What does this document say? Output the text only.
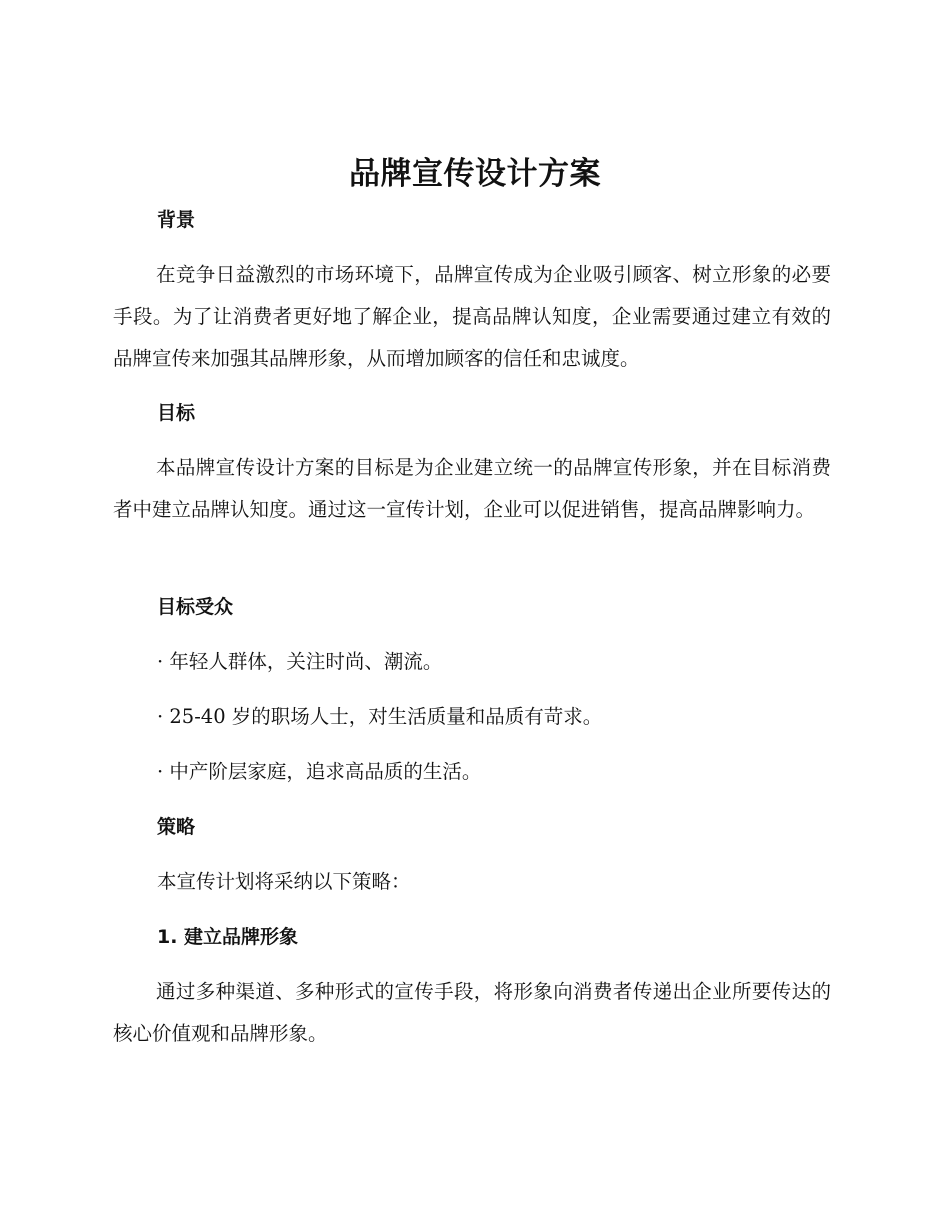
品牌宣传设计方案
背景

在竞争日益激烈的市场环境下，品牌宣传成为企业吸引顾客、树立形象的必要手段。为了让消费者更好地了解企业，提高品牌认知度，企业需要通过建立有效的品牌宣传来加强其品牌形象，从而增加顾客的信任和忠诚度。

目标

本品牌宣传设计方案的目标是为企业建立统一的品牌宣传形象，并在目标消费者中建立品牌认知度。通过这一宣传计划，企业可以促进销售，提高品牌影响力。

目标受众

· 年轻人群体，关注时尚、潮流。

· 25-40 岁的职场人士，对生活质量和品质有苛求。

· 中产阶层家庭，追求高品质的生活。

策略

本宣传计划将采纳以下策略：

1. 建立品牌形象

通过多种渠道、多种形式的宣传手段，将形象向消费者传递出企业所要传达的核心价值观和品牌形象。
